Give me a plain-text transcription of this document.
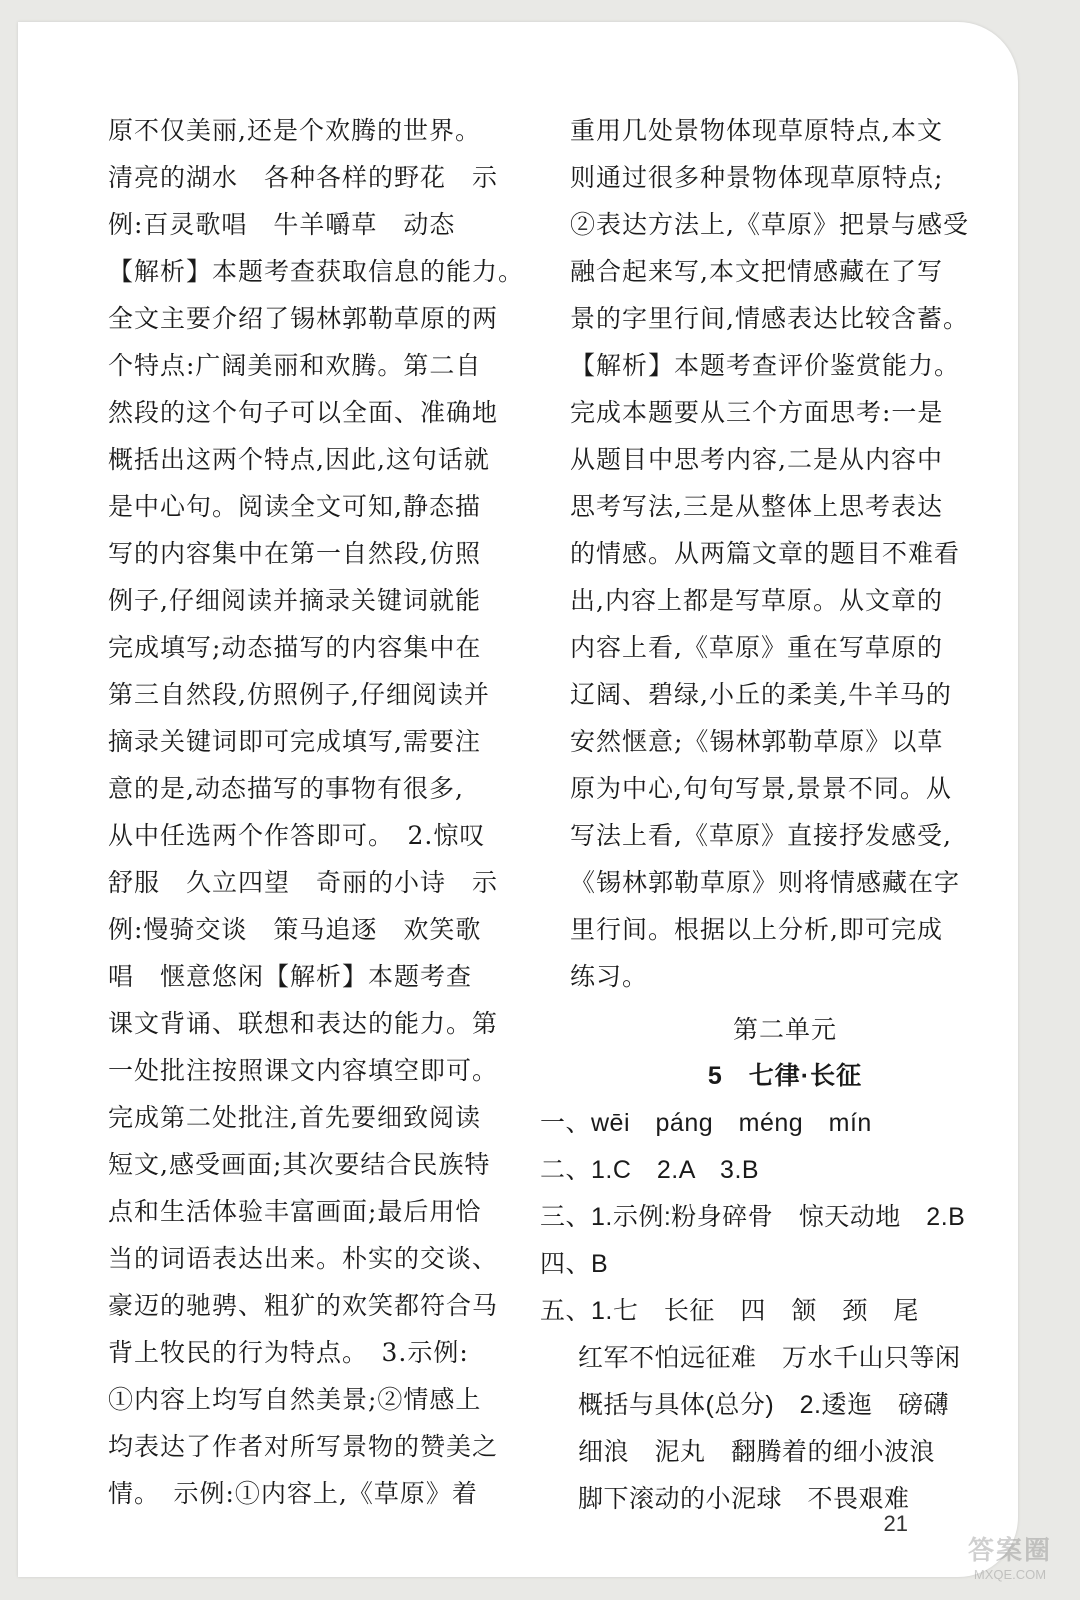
原不仅美丽,还是个欢腾的世界。
清亮的湖水　各种各样的野花　示
例:百灵歌唱　牛羊嚼草　动态
【解析】本题考查获取信息的能力。
全文主要介绍了锡林郭勒草原的两
个特点:广阔美丽和欢腾。第二自
然段的这个句子可以全面、准确地
概括出这两个特点,因此,这句话就
是中心句。阅读全文可知,静态描
写的内容集中在第一自然段,仿照
例子,仔细阅读并摘录关键词就能
完成填写;动态描写的内容集中在
第三自然段,仿照例子,仔细阅读并
摘录关键词即可完成填写,需要注
意的是,动态描写的事物有很多,
从中任选两个作答即可。　2.惊叹
舒服　久立四望　奇丽的小诗　示
例:慢骑交谈　策马追逐　欢笑歌
唱　惬意悠闲【解析】本题考查
课文背诵、联想和表达的能力。第
一处批注按照课文内容填空即可。
完成第二处批注,首先要细致阅读
短文,感受画面;其次要结合民族特
点和生活体验丰富画面;最后用恰
当的词语表达出来。朴实的交谈、
豪迈的驰骋、粗犷的欢笑都符合马
背上牧民的行为特点。　3.示例:
①内容上均写自然美景;②情感上
均表达了作者对所写景物的赞美之
情。　示例:①内容上,《草原》着
重用几处景物体现草原特点,本文
则通过很多种景物体现草原特点;
②表达方法上,《草原》把景与感受
融合起来写,本文把情感藏在了写
景的字里行间,情感表达比较含蓄。
【解析】本题考查评价鉴赏能力。
完成本题要从三个方面思考:一是
从题目中思考内容,二是从内容中
思考写法,三是从整体上思考表达
的情感。从两篇文章的题目不难看
出,内容上都是写草原。从文章的
内容上看,《草原》重在写草原的
辽阔、碧绿,小丘的柔美,牛羊马的
安然惬意;《锡林郭勒草原》以草
原为中心,句句写景,景景不同。从
写法上看,《草原》直接抒发感受,
《锡林郭勒草原》则将情感藏在字
里行间。根据以上分析,即可完成
练习。
第二单元
5　七律·长征
一、wēi　páng　méng　mín
二、1.C　2.A　3.B
三、1.示例:粉身碎骨　惊天动地　2.B
四、B
五、1.七　长征　四　颔　颈　尾
红军不怕远征难　万水千山只等闲
概括与具体(总分)　2.逶迤　磅礴
细浪　泥丸　翻腾着的细小波浪
脚下滚动的小泥球　不畏艰难
21
答案圈
MXQE.COM
